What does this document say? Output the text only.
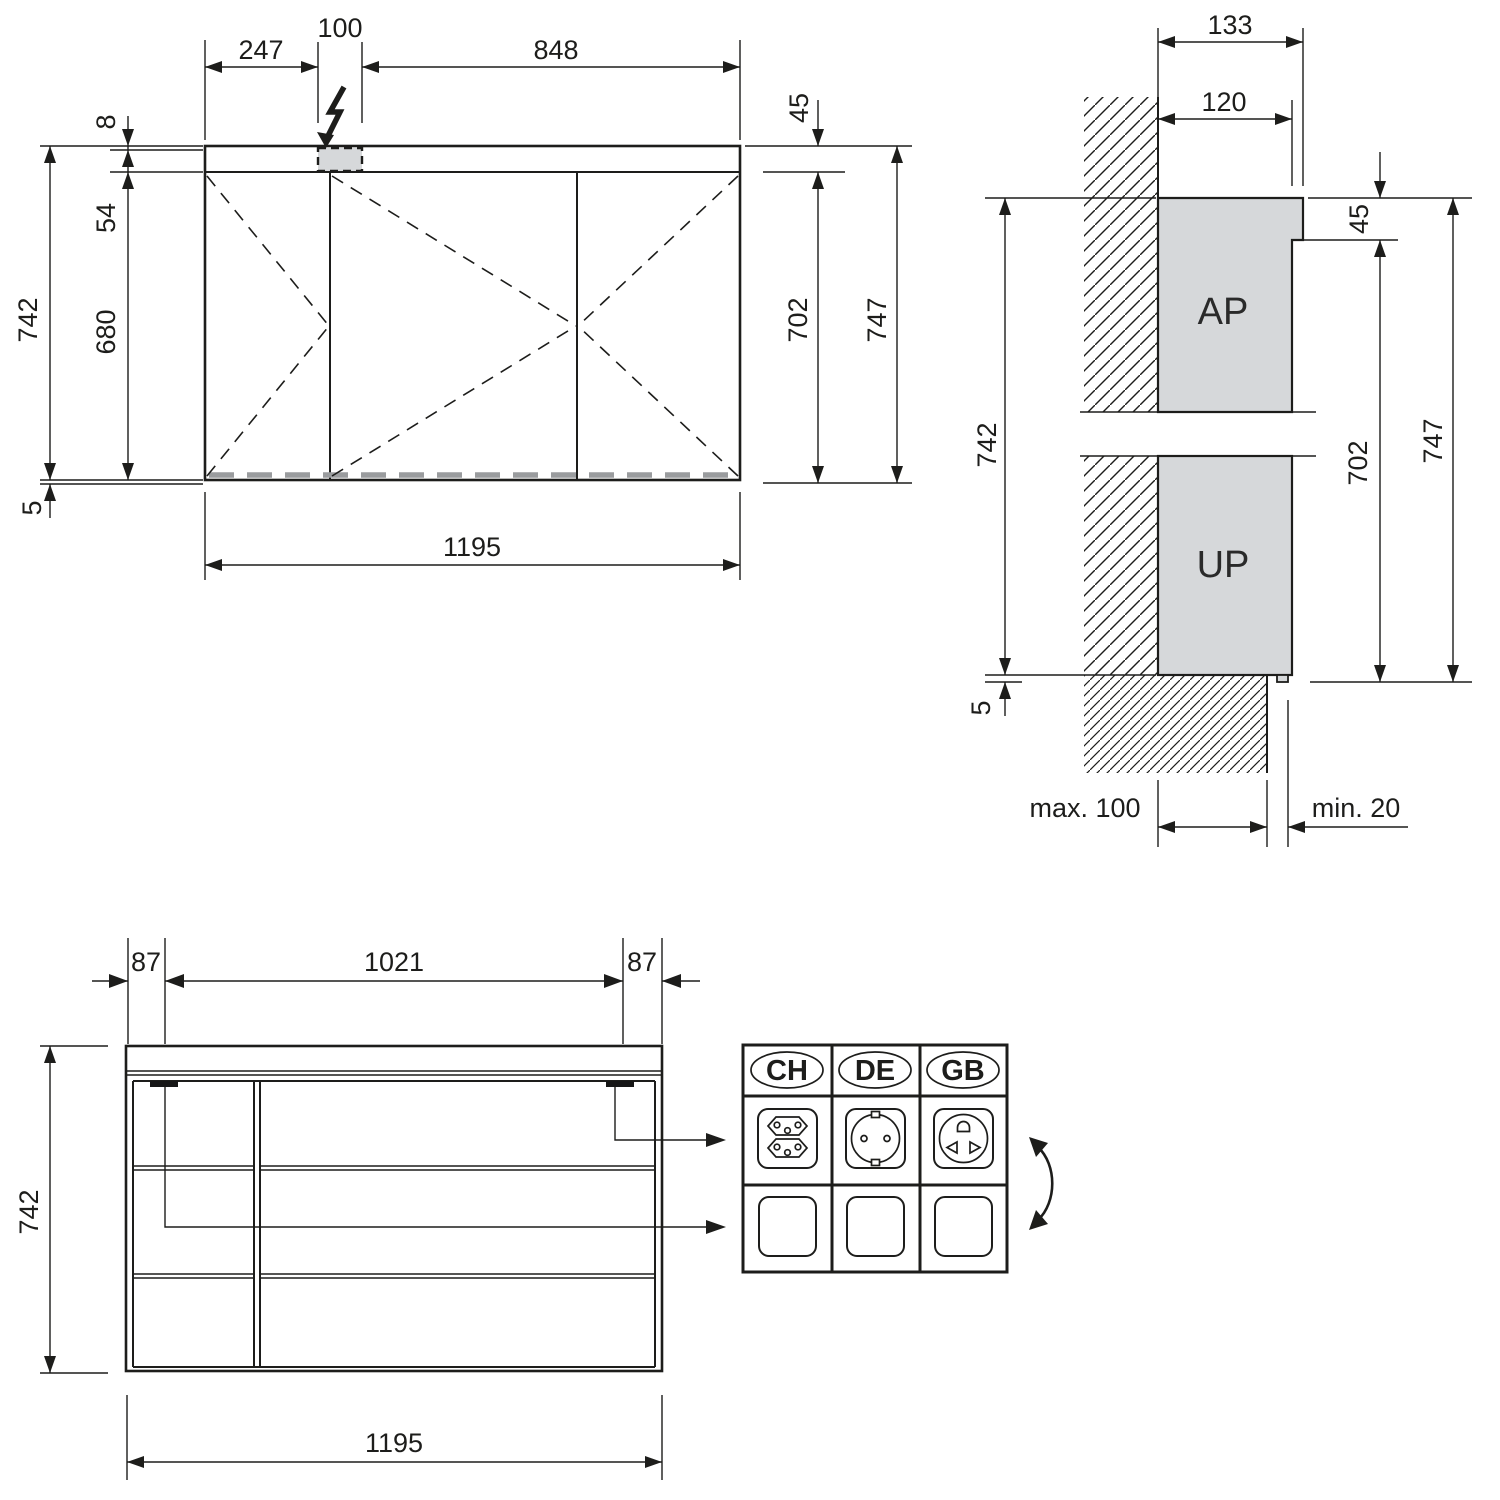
247
100
848
742
8
54
680
5
45
702 747
1195
AP
UP
133
120
45
702 747
742
5
max. 100	min. 20
87	1021	87
742
1195
CH DE GB
